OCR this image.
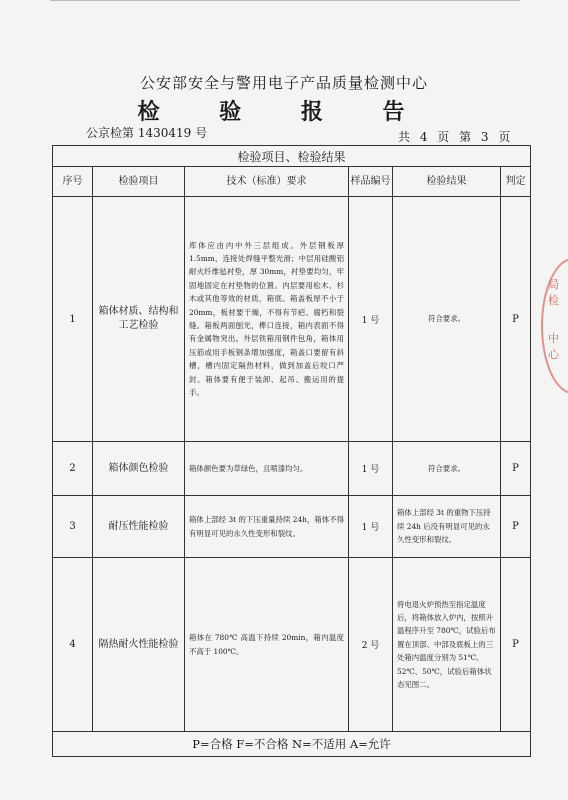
公安部安全与警用电子产品质量检测中心
检 验 报 告
公京检第 1430419 号	共 4 页 第 3 页
检验项目、检验结果					
序号	检验项目	技术（标准）要求	样品编号	检验结果	判定
1	箱体材质、结构和工艺检验	库体应由内中外三层组成。外层钢板厚 1.5mm，连接处焊缝平整光滑；中层用硅酸铝耐火纤维毡衬垫，厚 30mm，衬垫要均匀，牢固地固定在衬垫物的位置。内层要用松木、杉木或其他等效的材质，箱底、箱盖板厚不小于 20mm，板材要干燥，不得有节疤、腐朽和裂缝。箱板两面刨光，榫口连接，箱内表面不得有金属物突出。外层铁箱用钢件包角，箱体用压筋或用手板钢条增加强度，箱盖口要留有斜槽，槽内固定隔热材料，做到加盖后咬口严封。箱体要有便于装卸、起吊、搬运用的提手。	1 号	符合要求。	P
2	箱体颜色检验	箱体颜色要为草绿色，且喷漆均匀。	1 号	符合要求。	P
3	耐压性能检验	箱体上部经 3t 的下压重量持续 24h，箱体不得有明显可见的永久性变形和裂纹。	1 号	箱体上部经 3t 的重物下压持续 24h 后没有明显可见的永久性变形和裂纹。	P
4	隔热耐火性能检验	箱体在 780℃ 高温下持续 20min，箱内温度不高于 100℃。	2 号	将电退火炉预热至指定温度后，将箱体放入炉内，按照升温程序升至 780℃，试验后布置在顶部、中部及底板上的三处箱内温度分别为 51℃、52℃、50℃，试验后箱体状态见图二。	P
P=合格 F=不合格 N=不适用 A=允许					
局检
中心
